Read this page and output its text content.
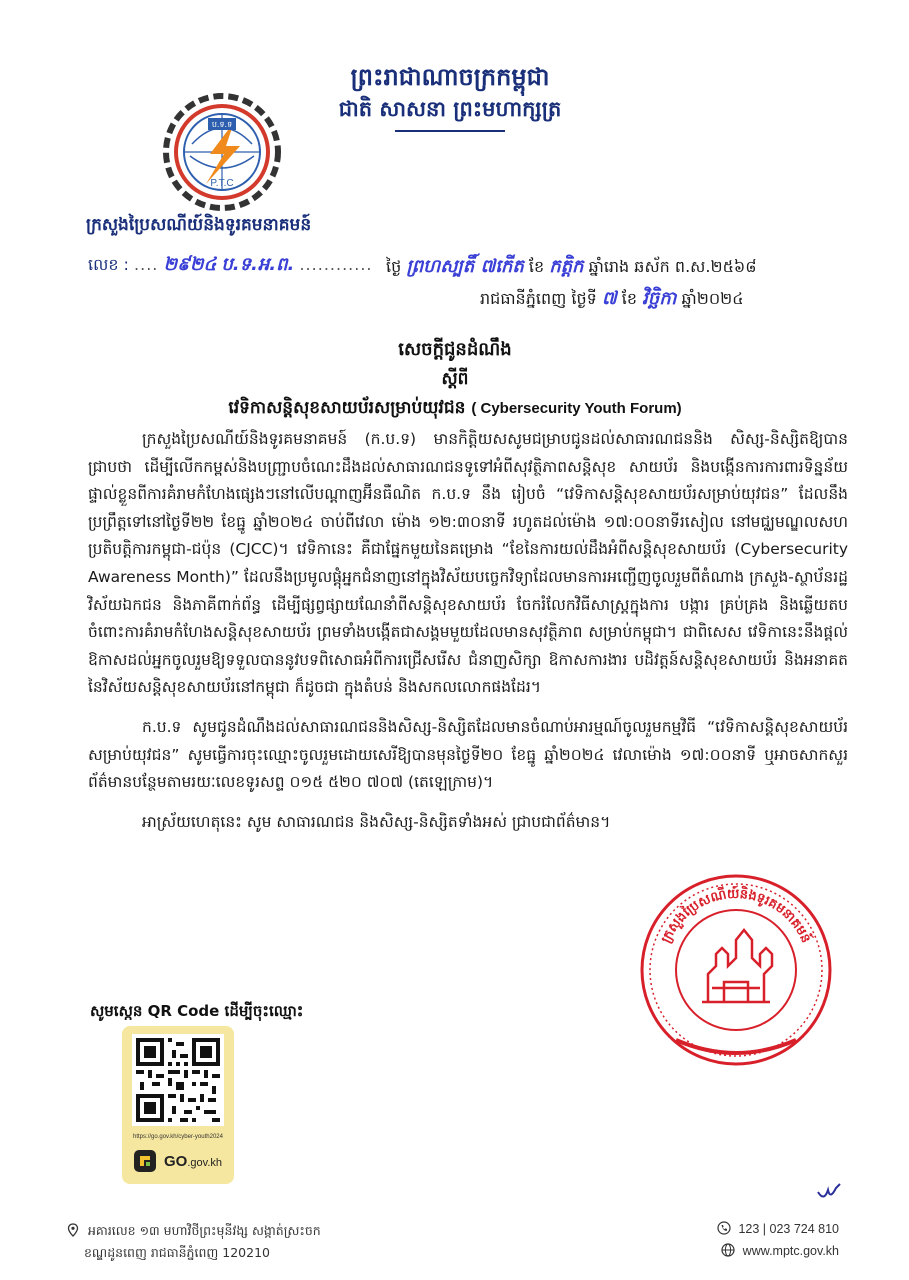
ព្រះរាជាណាចក្រកម្ពុជា
ជាតិ សាសនា ព្រះមហាក្សត្រ
ប.ទ.ទ
P.T.C
ក្រសួងប្រៃសណីយ៍និងទូរគមនាគមន៍
លេខ : .... ២៩២៤ ប.ទ.អ.ព. ............ ថ្ងៃ ព្រហស្បតិ៍ ៧កើត ខែ កត្តិក ឆ្នាំរោង ឆស័ក ព.ស.២៥៦៨
រាជធានីភ្នំពេញ ថ្ងៃទី ៧ ខែ វិច្ឆិកា ឆ្នាំ២០២៤
សេចក្តីជូនដំណឹង
ស្តីពី
វេទិកាសន្តិសុខសាយប័រសម្រាប់យុវជន ( Cybersecurity Youth Forum)

ក្រសួងប្រៃសណីយ៍និងទូរគមនាគមន៍ (ក.ប.ទ) មានកិត្តិយសសូមជម្រាបជូនដល់សាធារណជននិង សិស្ស-និស្សិតឱ្យបានជ្រាបថា ដើម្បីលើកកម្ពស់និងបញ្ជ្រាបចំណេះដឹងដល់សាធារណជនទូទៅអំពីសុវត្ថិភាពសន្តិសុខ សាយប័រ និងបង្កើនការការពារទិន្នន័យផ្ទាល់ខ្លួនពីការគំរាមកំហែងផ្សេងៗនៅលើបណ្តាញអ៊ីនធឺណិត ក.ប.ទ នឹង រៀបចំ “វេទិកាសន្តិសុខសាយប័រសម្រាប់យុវជន” ដែលនឹងប្រព្រឹត្តទៅនៅថ្ងៃទី២២ ខែធ្នូ ឆ្នាំ២០២៤ ចាប់ពីវេលា ម៉ោង ១២:៣០នាទី រហូតដល់ម៉ោង ១៧:០០នាទីរសៀល នៅមជ្ឈមណ្ឌលសហប្រតិបត្តិការកម្ពុជា-ជប៉ុន (CJCC)។ វេទិកានេះ គឺជាផ្នែកមួយនៃគម្រោង “ខែនៃការយល់ដឹងអំពីសន្តិសុខសាយប័រ (Cybersecurity Awareness Month)” ដែលនឹងប្រមូលផ្តុំអ្នកជំនាញនៅក្នុងវិស័យបច្ចេកវិទ្យាដែលមានការអញ្ជើញចូលរួមពីតំណាង ក្រសួង-ស្ថាប័នរដ្ឋ វិស័យឯកជន និងភាគីពាក់ព័ន្ធ ដើម្បីផ្សព្វផ្សាយណែនាំពីសន្តិសុខសាយប័រ ចែករំលែកវិធីសាស្ត្រក្នុងការ បង្ការ គ្រប់គ្រង និងឆ្លើយតបចំពោះការគំរាមកំហែងសន្តិសុខសាយប័រ ព្រមទាំងបង្កើតជាសង្គមមួយដែលមានសុវត្ថិភាព សម្រាប់កម្ពុជា។ ជាពិសេស វេទិកានេះនឹងផ្តល់ឱកាសដល់អ្នកចូលរួមឱ្យទទួលបាននូវបទពិសោធអំពីការជ្រើសរើស ជំនាញសិក្សា ឱកាសការងារ បដិវត្តន៍សន្តិសុខសាយប័រ និងអនាគតនៃវិស័យសន្តិសុខសាយប័រនៅកម្ពុជា ក៏ដូចជា ក្នុងតំបន់ និងសកលលោកផងដែរ។

ក.ប.ទ សូមជូនដំណឹងដល់សាធារណជននិងសិស្ស-និស្សិតដែលមានចំណាប់អារម្មណ៍ចូលរួមកម្មវិធី “វេទិកាសន្តិសុខសាយប័រសម្រាប់យុវជន” សូមធ្វើការចុះឈ្មោះចូលរួមដោយសេរីឱ្យបានមុនថ្ងៃទី២០ ខែធ្នូ ឆ្នាំ២០២៤ វេលាម៉ោង ១៧:០០នាទី ឬអាចសាកសួរព័ត៌មានបន្ថែមតាមរយៈលេខទូរសព្ទ ០១៥ ៥២០ ៧០៧ (តេឡេក្រាម)។

អាស្រ័យហេតុនេះ សូម សាធារណជន និងសិស្ស-និស្សិតទាំងអស់ ជ្រាបជាព័ត៌មាន។

ក្រសួងប្រៃសណីយ៍និងទូរគមនាគមន៍
សូមស្កេន QR Code ដើម្បីចុះឈ្មោះ
https://go.gov.kh/cyber-youth2024
GO.gov.kh
អគារលេខ ១៣ មហាវិថីព្រះមុនីវង្ស សង្កាត់ស្រះចក
ខណ្ឌដូនពេញ រាជធានីភ្នំពេញ 120210
123 | 023 724 810
www.mptc.gov.kh
